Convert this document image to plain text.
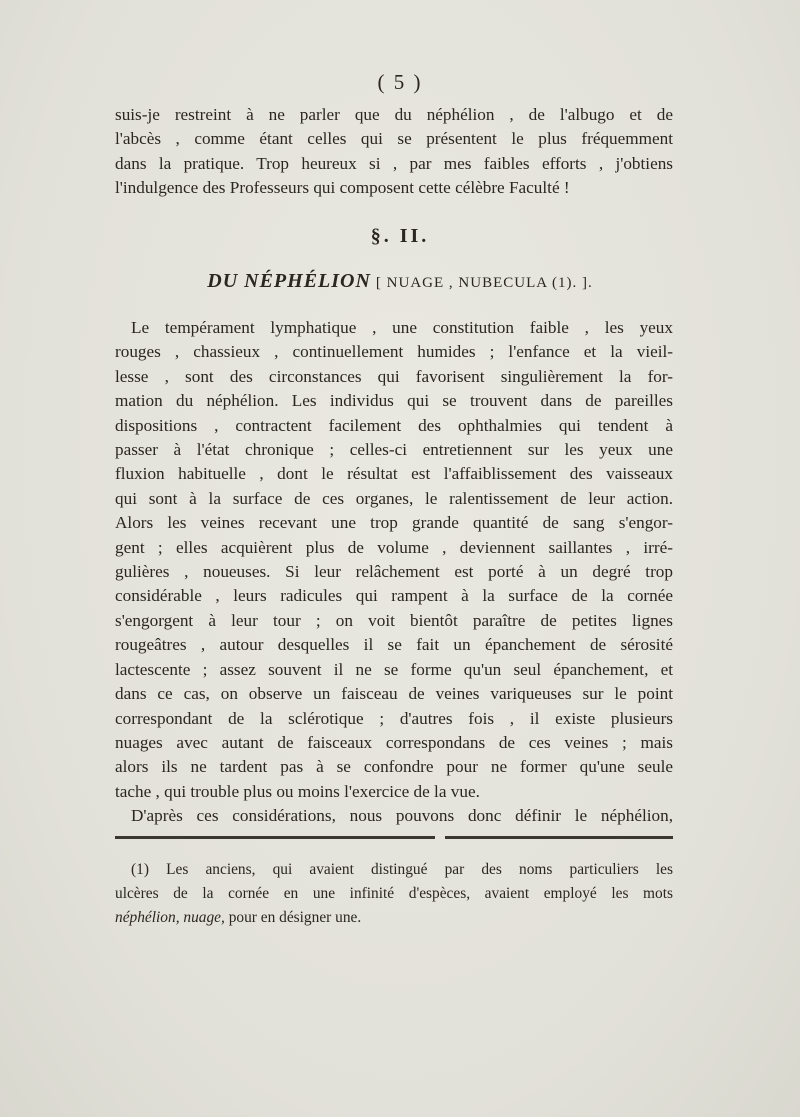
( 5 )
suis-je restreint à ne parler que du néphélion , de l'albugo et de
l'abcès , comme étant celles qui se présentent le plus fréquemment
dans la pratique. Trop heureux si , par mes faibles efforts , j'obtiens
l'indulgence des Professeurs qui composent cette célèbre Faculté !
§. II.
DU NÉPHÉLION [ NUAGE , NUBECULA (1). ].
Le tempérament lymphatique , une constitution faible , les yeux
rouges , chassieux , continuellement humides ; l'enfance et la vieil-
lesse , sont des circonstances qui favorisent singulièrement la for-
mation du néphélion. Les individus qui se trouvent dans de pareilles
dispositions , contractent facilement des ophthalmies qui tendent à
passer à l'état chronique ; celles-ci entretiennent sur les yeux une
fluxion habituelle , dont le résultat est l'affaiblissement des vaisseaux
qui sont à la surface de ces organes, le ralentissement de leur action.
Alors les veines recevant une trop grande quantité de sang s'engor-
gent ; elles acquièrent plus de volume , deviennent saillantes , irré-
gulières , noueuses. Si leur relâchement est porté à un degré trop
considérable , leurs radicules qui rampent à la surface de la cornée
s'engorgent à leur tour ; on voit bientôt paraître de petites lignes
rougeâtres , autour desquelles il se fait un épanchement de sérosité
lactescente ; assez souvent il ne se forme qu'un seul épanchement, et
dans ce cas, on observe un faisceau de veines variqueuses sur le point
correspondant de la sclérotique ; d'autres fois , il existe plusieurs
nuages avec autant de faisceaux correspondans de ces veines ; mais
alors ils ne tardent pas à se confondre pour ne former qu'une seule
tache , qui trouble plus ou moins l'exercice de la vue.
D'après ces considérations, nous pouvons donc définir le néphélion,
(1) Les anciens, qui avaient distingué par des noms particuliers les
ulcères de la cornée en une infinité d'espèces, avaient employé les mots
néphélion, nuage, pour en désigner une.
